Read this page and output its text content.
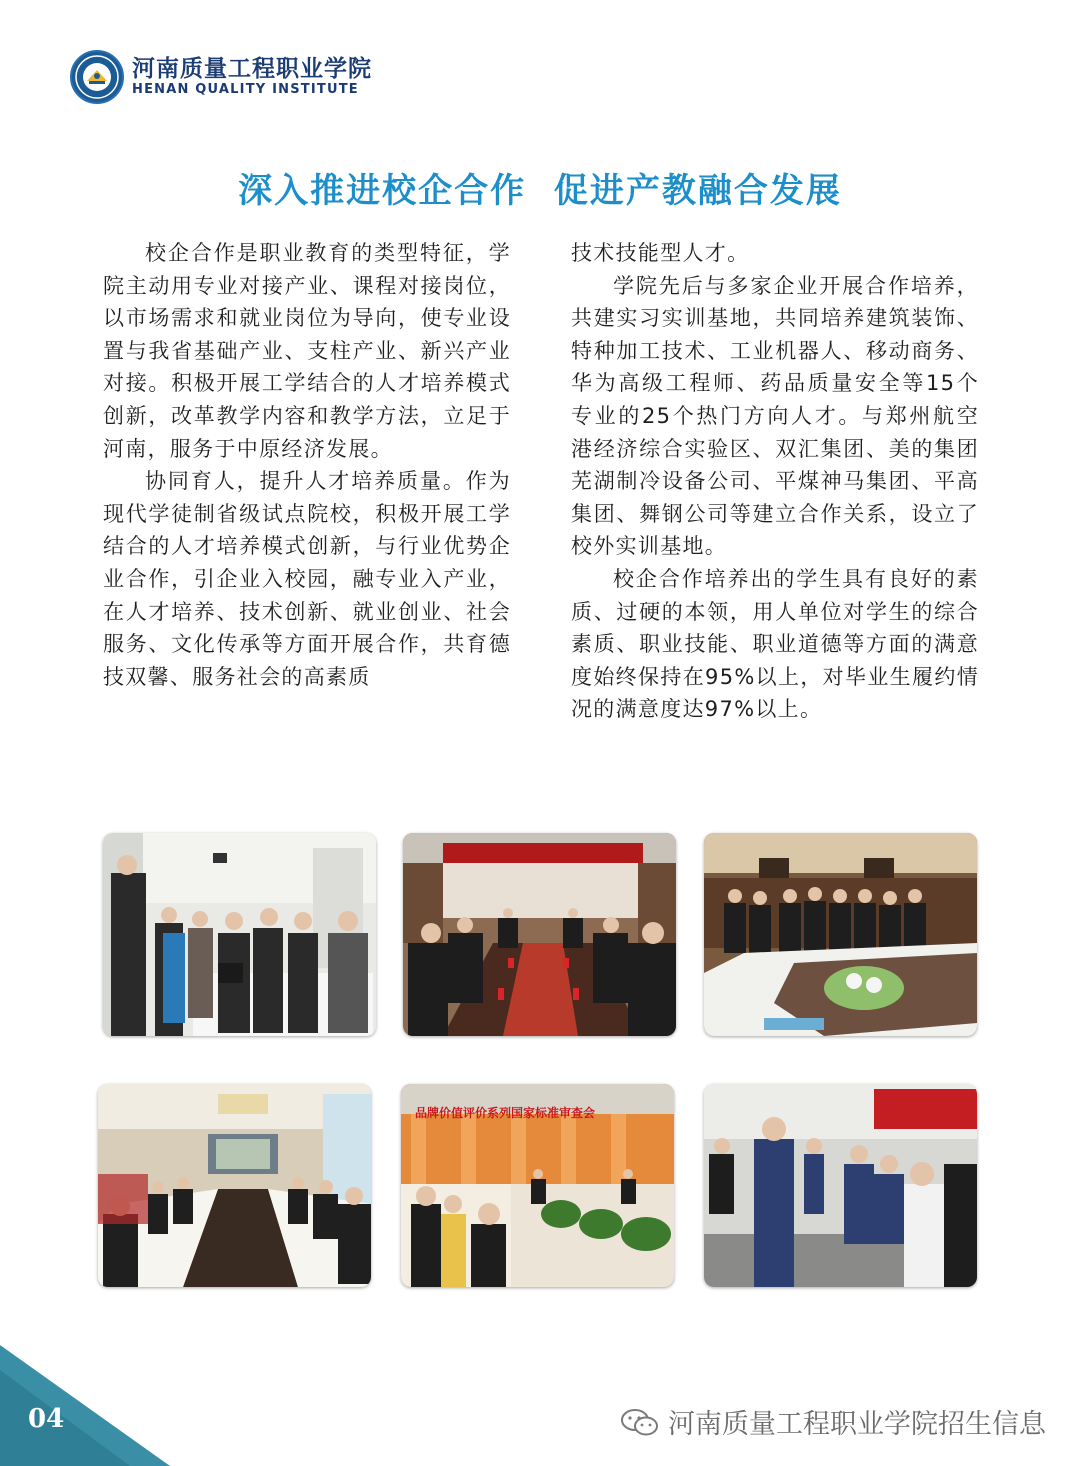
河南质量工程职业学院
HENAN QUALITY INSTITUTE
深入推进校企合作  促进产教融合发展

校企合作是职业教育的类型特征，学院主动用专业对接产业、课程对接岗位，以市场需求和就业岗位为导向，使专业设置与我省基础产业、支柱产业、新兴产业对接。积极开展工学结合的人才培养模式创新，改革教学内容和教学方法，立足于河南，服务于中原经济发展。

协同育人，提升人才培养质量。作为现代学徒制省级试点院校，积极开展工学结合的人才培养模式创新，与行业优势企业合作，引企业入校园，融专业入产业，在人才培养、技术创新、就业创业、社会服务、文化传承等方面开展合作，共育德技双馨、服务社会的高素质

技术技能型人才。

学院先后与多家企业开展合作培养，共建实习实训基地，共同培养建筑装饰、特种加工技术、工业机器人、移动商务、华为高级工程师、药品质量安全等15个专业的25个热门方向人才。与郑州航空港经济综合实验区、双汇集团、美的集团芜湖制冷设备公司、平煤神马集团、平高集团、舞钢公司等建立合作关系，设立了校外实训基地。

校企合作培养出的学生具有良好的素质、过硬的本领，用人单位对学生的综合素质、职业技能、职业道德等方面的满意度始终保持在95%以上，对毕业生履约情况的满意度达97%以上。

品牌价值评价系列国家标准审查会
04	河南质量工程职业学院招生信息
